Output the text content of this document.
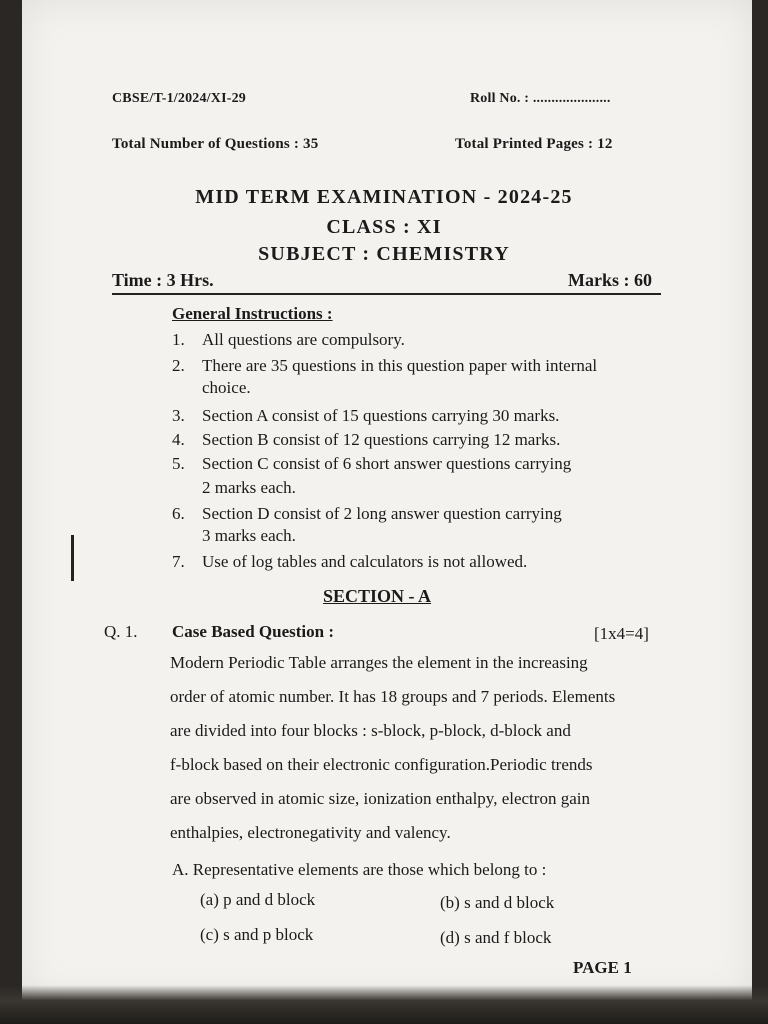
CBSE/T-1/2024/XI-29	Roll No. : .....................
Total Number of Questions : 35	Total Printed Pages : 12
MID TERM EXAMINATION - 2024-25
CLASS : XI
SUBJECT : CHEMISTRY
Time : 3 Hrs.	Marks : 60
General Instructions :
1. All questions are compulsory.
2. There are 35 questions in this question paper with internal
choice.
3. Section A consist of 15 questions carrying 30 marks.
4. Section B consist of 12 questions carrying 12 marks.
5. Section C consist of 6 short answer questions carrying
2 marks each.
6. Section D consist of 2 long answer question carrying
3 marks each.
7. Use of log tables and calculators is not allowed.
SECTION - A
Q. 1. Case Based Question :	[1x4=4]
Modern Periodic Table arranges the element in the increasing
order of atomic number. It has 18 groups and 7 periods. Elements
are divided into four blocks : s-block, p-block, d-block and
f-block based on their electronic configuration.Periodic trends
are observed in atomic size, ionization enthalpy, electron gain
enthalpies, electronegativity and valency.
A. Representative elements are those which belong to :
(a) p and d block	(b) s and d block
(c) s and p block	(d) s and f block
PAGE 1
